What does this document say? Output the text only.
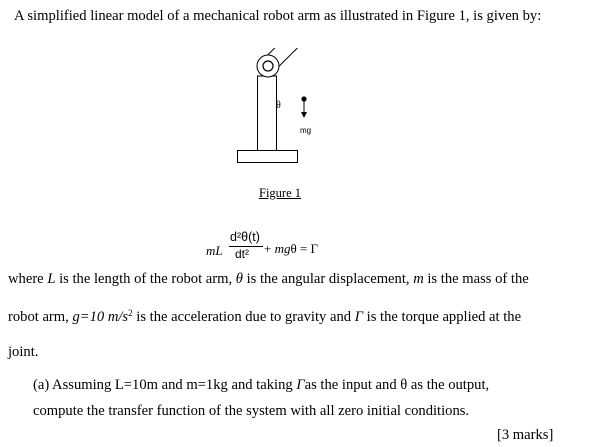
A simplified linear model of a mechanical robot arm as illustrated in Figure 1, is given by:
θ
mg
Figure 1
mL
d²θ(t)
dt² + mgθ = Γ
where L is the length of the robot arm, θ is the angular displacement, m is the mass of the
robot arm, g=10 $m/s^2$ is the acceleration due to gravity and Γ is the torque applied at the
joint.
(a) Assuming L=10m and m=1kg and taking Γas the input and θ as the output,
compute the transfer function of the system with all zero initial conditions.
[3 marks]
